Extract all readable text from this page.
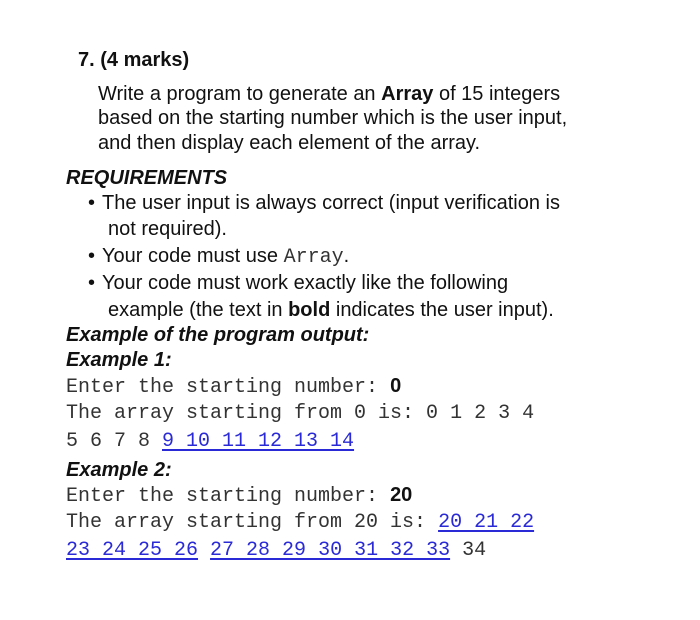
7. (4 marks)
Write a program to generate an Array of 15 integers
based on the starting number which is the user input,
and then display each element of the array.
REQUIREMENTS
• The user input is always correct (input verification is
not required).
• Your code must use Array.
• Your code must work exactly like the following
example (the text in bold indicates the user input).
Example of the program output:
Example 1:
Enter the starting number: 0
The array starting from 0 is: 0 1 2 3 4
5 6 7 8 9 10 11 12 13 14
Example 2:
Enter the starting number: 20
The array starting from 20 is: 20 21 22
23 24 25 26 27 28 29 30 31 32 33 34
